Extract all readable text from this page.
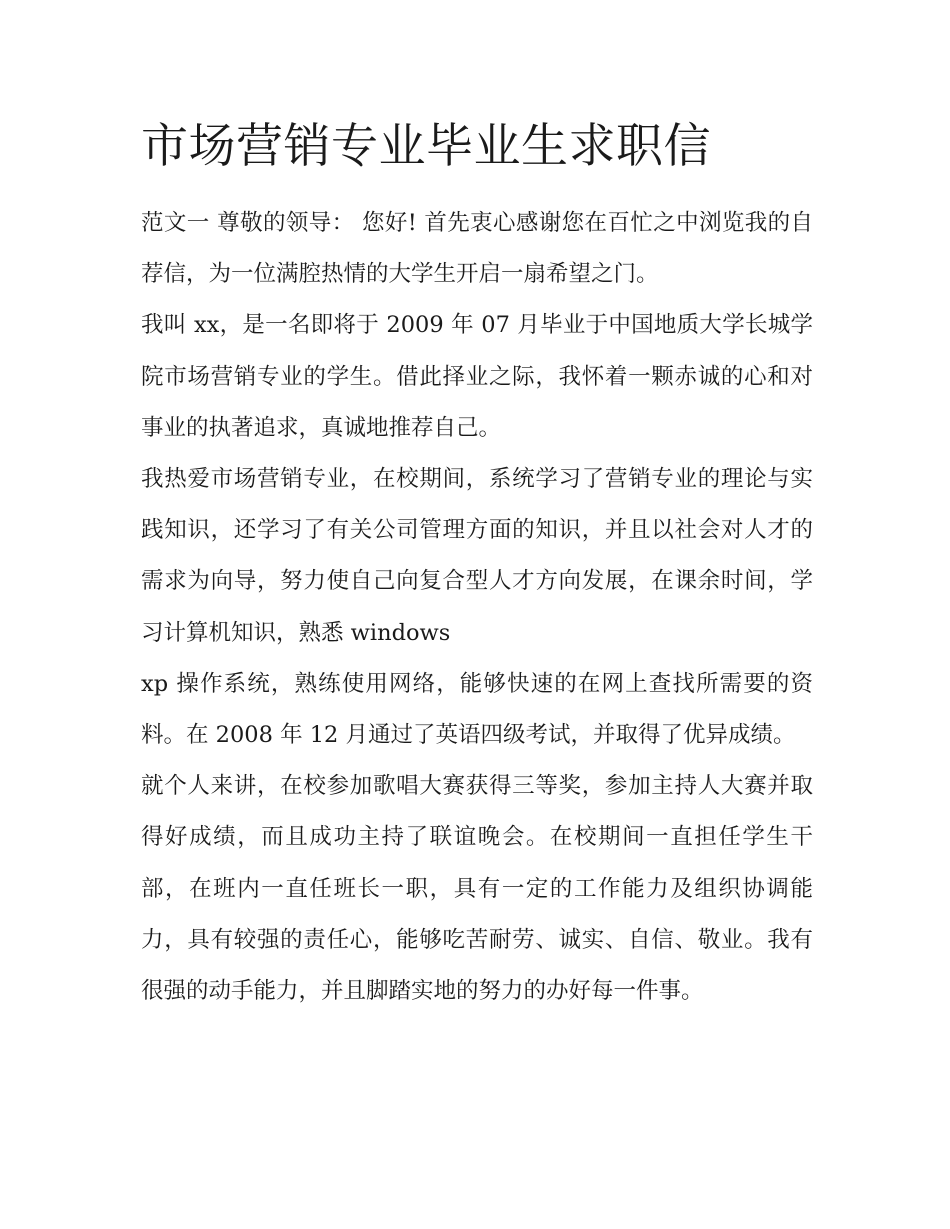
市场营销专业毕业生求职信

范文一 尊敬的领导： 您好! 首先衷心感谢您在百忙之中浏览我的自荐信，为一位满腔热情的大学生开启一扇希望之门。

我叫 xx，是一名即将于 2009 年 07 月毕业于中国地质大学长城学院市场营销专业的学生。借此择业之际，我怀着一颗赤诚的心和对事业的执著追求，真诚地推荐自己。

我热爱市场营销专业，在校期间，系统学习了营销专业的理论与实践知识，还学习了有关公司管理方面的知识，并且以社会对人才的需求为向导，努力使自己向复合型人才方向发展，在课余时间，学习计算机知识，熟悉 windows

xp 操作系统，熟练使用网络，能够快速的在网上查找所需要的资料。在 2008 年 12 月通过了英语四级考试，并取得了优异成绩。

就个人来讲，在校参加歌唱大赛获得三等奖，参加主持人大赛并取得好成绩，而且成功主持了联谊晚会。在校期间一直担任学生干部，在班内一直任班长一职，具有一定的工作能力及组织协调能力，具有较强的责任心，能够吃苦耐劳、诚实、自信、敬业。我有很强的动手能力，并且脚踏实地的努力的办好每一件事。
